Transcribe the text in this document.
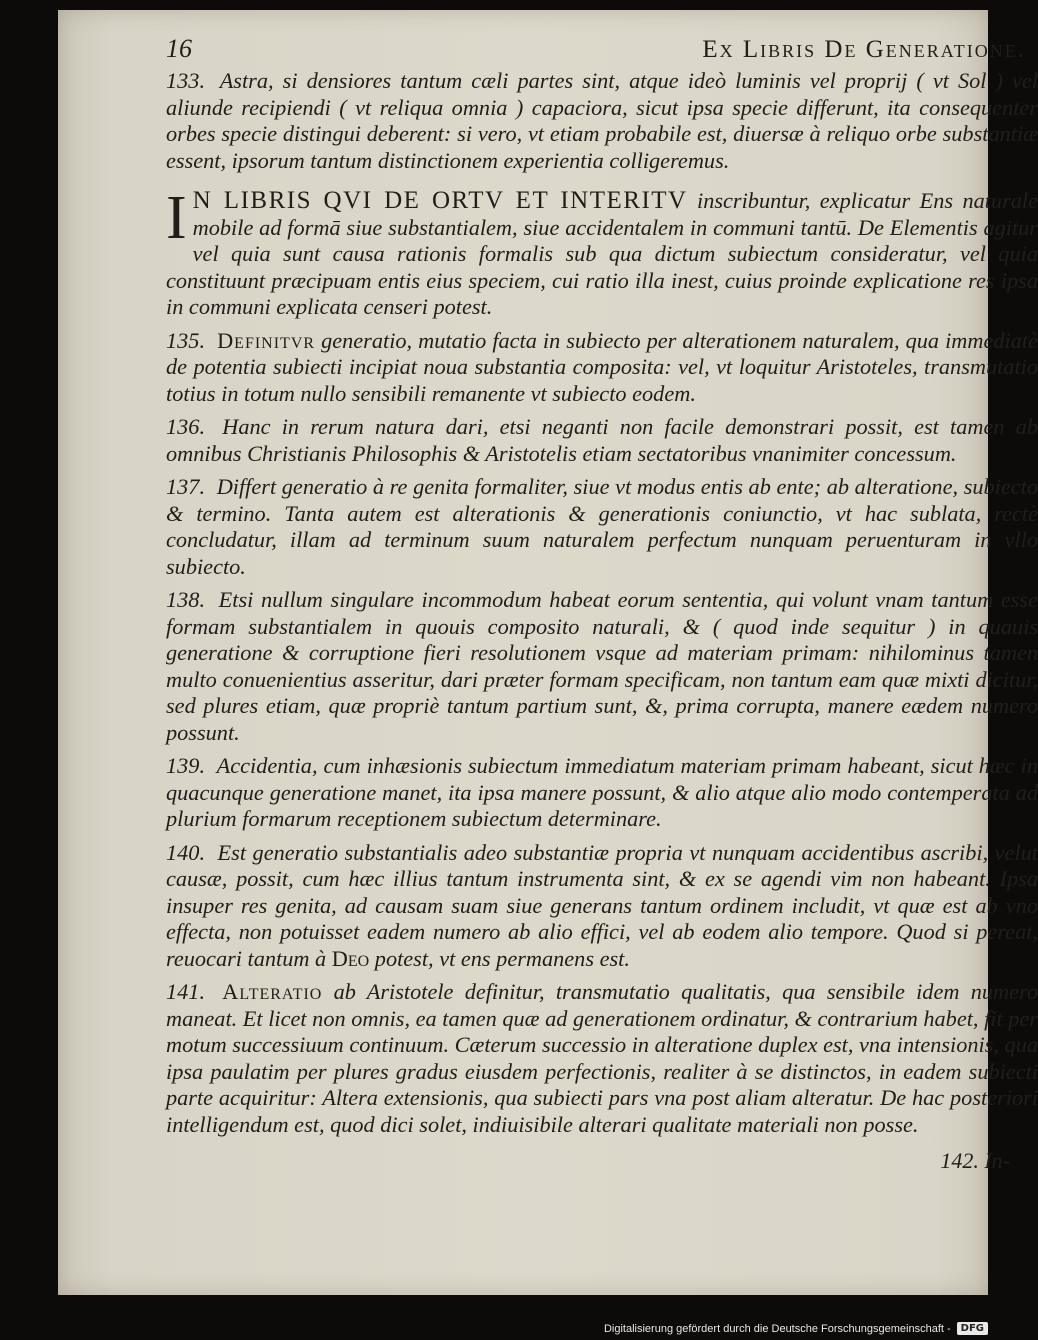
16	Ex Libris De Generatione.

133. Astra, si densiores tantum cæli partes sint, atque ideò luminis vel proprij ( vt Sol ) vel aliunde recipiendi ( vt reliqua omnia ) capaciora, sicut ipsa specie differunt, ita consequenter orbes specie distingui deberent: si vero, vt etiam probabile est, diuersæ à reliquo orbe substantiæ essent, ipsorum tantum distinctionem experientia colligeremus.

I N LIBRIS QVI DE ORTV ET INTERITV inscribuntur, explicatur Ens naturale mobile ad formā siue substantialem, siue accidentalem in communi tantū. De Elementis agitur vel quia sunt causa rationis formalis sub qua dictum subiectum consideratur, vel quia constituunt præcipuam entis eius speciem, cui ratio illa inest, cuius proinde explicatione res ipsa in communi explicata censeri potest.

135. Definitvr generatio, mutatio facta in subiecto per alterationem naturalem, qua immediatè de potentia subiecti incipiat noua substantia composita: vel, vt loquitur Aristoteles, transmutatio totius in totum nullo sensibili remanente vt subiecto eodem.

136. Hanc in rerum natura dari, etsi neganti non facile demonstrari possit, est tamen ab omnibus Christianis Philosophis & Aristotelis etiam sectatoribus vnanimiter concessum.

137. Differt generatio à re genita formaliter, siue vt modus entis ab ente; ab alteratione, subiecto & termino. Tanta autem est alterationis & generationis coniunctio, vt hac sublata, rectè concludatur, illam ad terminum suum naturalem perfectum nunquam peruenturam in vllo subiecto.

138. Etsi nullum singulare incommodum habeat eorum sententia, qui volunt vnam tantum esse formam substantialem in quouis composito naturali, & ( quod inde sequitur ) in quauis generatione & corruptione fieri resolutionem vsque ad materiam primam: nihilominus tamen multo conuenientius asseritur, dari præter formam specificam, non tantum eam quæ mixti dicitur, sed plures etiam, quæ propriè tantum partium sunt, &, prima corrupta, manere eædem numero possunt.

139. Accidentia, cum inhæsionis subiectum immediatum materiam primam habeant, sicut hæc in quacunque generatione manet, ita ipsa manere possunt, & alio atque alio modo contemperata ad plurium formarum receptionem subiectum determinare.

140. Est generatio substantialis adeo substantiæ propria vt nunquam accidentibus ascribi, velut causæ, possit, cum hæc illius tantum instrumenta sint, & ex se agendi vim non habeant. Ipsa insuper res genita, ad causam suam siue generans tantum ordinem includit, vt quæ est ab vno effecta, non potuisset eadem numero ab alio effici, vel ab eodem alio tempore. Quod si pereat, reuocari tantum à Deo potest, vt ens permanens est.

141. Alteratio ab Aristotele definitur, transmutatio qualitatis, qua sensibile idem numero maneat. Et licet non omnis, ea tamen quæ ad generationem ordinatur, & contrarium habet, fit per motum successiuum continuum. Cæterum successio in alteratione duplex est, vna intensionis, qua ipsa paulatim per plures gradus eiusdem perfectionis, realiter à se distinctos, in eadem subiecti parte acquiritur: Altera extensionis, qua subiecti pars vna post aliam alteratur. De hac posteriori intelligendum est, quod dici solet, indiuisibile alterari qualitate materiali non posse.

142. In-
Digitalisierung gefördert durch die Deutsche Forschungsgemeinschaft -	DFG
